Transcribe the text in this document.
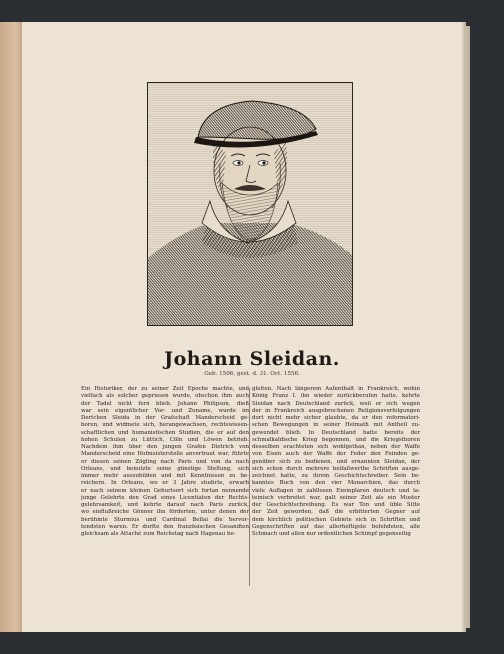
Johann Sleidan.
Geb. 1506, gest. d. 31. Oct. 1556.
Ein Historiker, der zu seiner Zeit Epoche machte, und
vielfach als solcher gepriesen wurde, obschon ihm auch
der Tadel nicht fern blieb. Johann Philipson, dieß
war sein eigentlicher Vor- und Zuname, wurde im
Dertchen Sleida in der Grafschaft Manderscheid ge-
boren, und widmete sich, herangewachsen, rechtswissen-
schaftlichen und humanistischen Studien, die er auf den
hohen Schulen zu Lüttich, Cöln und Löwen betrieb.
Nachdem ihm über den jungen Grafen Dietrich von
Manderscheid eine Hofmeisterstelle anvertraut war, führte
er diesen seinen Zögling nach Paris und von da nach
Orleans, und benutzte seine günstige Stellung, sich
immer mehr auszubilden und mit Kenntnissen zu be-
reichern. In Orleans, wo er 3 Jahre studirte, erwarb
er nach seinem kleinen Geburtsort sich fortan nennende
junge Gelehrte den Grad eines Licentiaten der Rechts-
gelehrsamkeit, und kehrte darauf nach Paris zurück,
wo einflußreiche Gönner ihn förderten, unter denen der
berühmte Sturmius und Cardinal Bellai die hervor-
tendsten waren. Er durfte den französischen Gesandten
gleichsam als Attaché zum Reichstag nach Hagenau be-
gleiten. Nach längerem Aufenthalt in Frankreich, wohin
König Franz I. ihn wieder zurückberufen hatte, kehrte
Sleidan nach Deutschland zurück, weil er sich wegen
der in Frankreich ausgebrochenen Religionsverfolgungen
dort nicht mehr sicher glaubte, da er den reformatori-
schen Bewegungen in seiner Heimath mit Antheil zu-
gewendet blieb. In Deutschland hatte bereits der
schmalkaldische Krieg begonnen, und die Kriegsthoren
desselben erachteten sich wohlgethan, neben der Waffe
von Eisen auch der Waffe der Feder den Feinden ge-
genüber sich zu bedienen, und ernannten Sleidan, der
sich schon durch mehrere beifallwerthe Schriften ausge-
zeichnet hatte, zu ihrem Geschichtschreiber. Sein be-
kanntes Buch von den vier Monarchien, das durch
viele Auflagen in zahllosen Exemplaren deutsch und la-
teinisch verbreitet war, galt seiner Zeit als ein Muster
der Geschichtschreibung. Es war Ton und üble Sitte
der Zeit geworden, daß die erbitterten Gegner auf
dem kirchlich politischen Gebiete sich in Schriften und
Gegenschriften auf das allerheftigste befehdeten, alle
Schmach und allen nur ordentlichen Schimpf gegenseitig
